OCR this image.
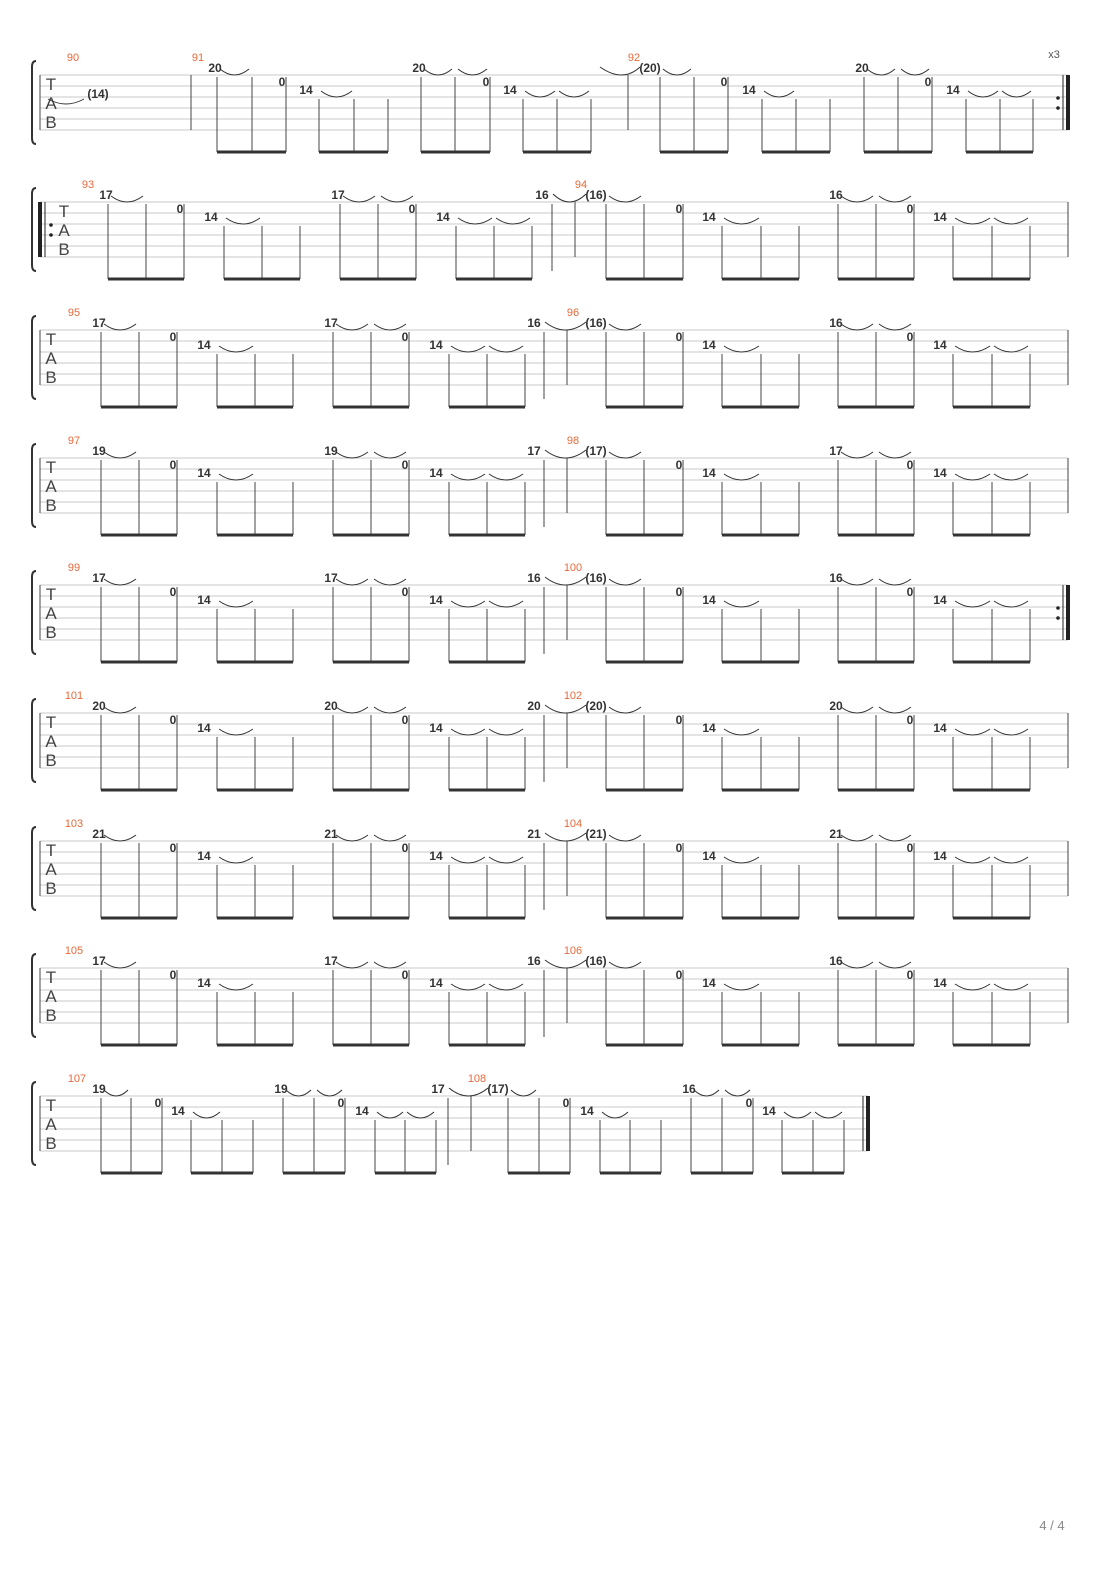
T
A
B
90
(14)
91	92
20
0
14
20
0
14
(20)
0
14
20
0
14
T
A
B
93	94
17
0
14
17
0
14
(16)
0
14
16
0
14
16
T
A
B
95	96
17
0
14
17
0
14
(16)
0
14
16
0
14
16
T
A
B
97	98
19
0
14
19
0
14
(17)
0
14
17
0
14
17
T
A
B
99	100
17
0
14
17
0
14
(16)
0
14
16
0
14
16
T
A
B
101	102
20
0
14
20
0
14
(20)
0
14
20
0
14
20
T
A
B
103	104
21
0
14
21
0
14
(21)
0
14
21
0
14
21
T
A
B
105	106
17
0
14
17
0
14
(16)
0
14
16
0
14
16
T
A
B
107	108
19
0
14
19
0
14
(17)
0
14
16
0
14
17
x3
4 / 4
